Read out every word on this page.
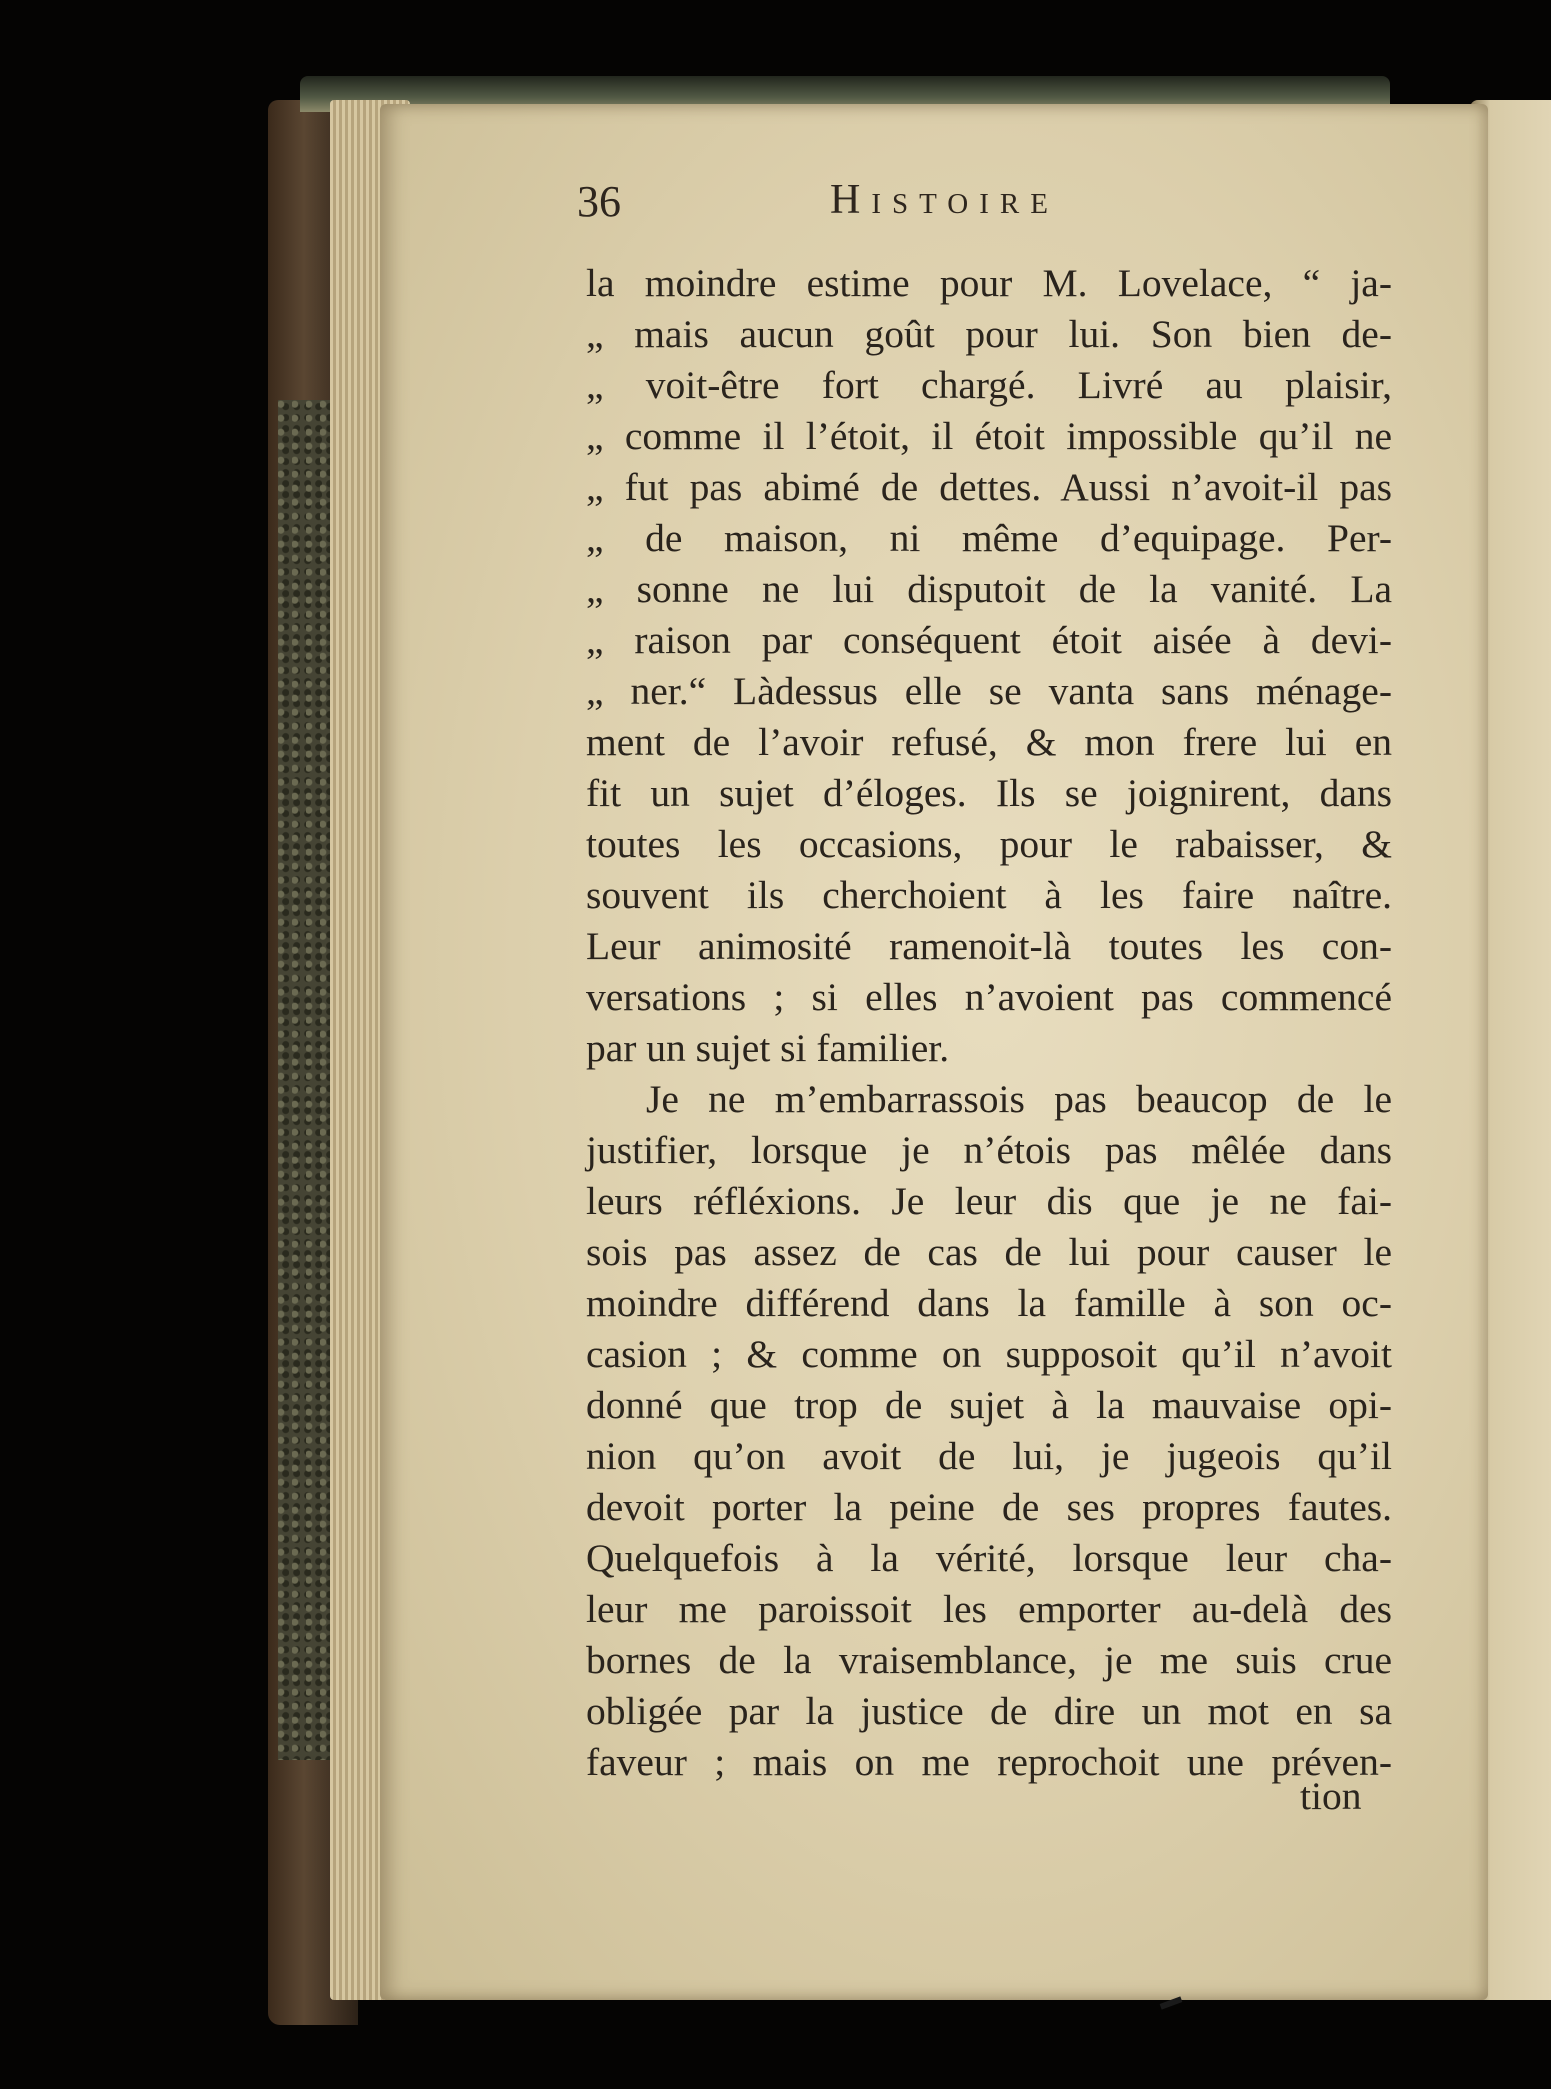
36	Histoire
la moindre estime pour M. Lovelace, “ ja-
„ mais aucun goût pour lui. Son bien de-
„ voit-être fort chargé. Livré au plaisir,
„ comme il l’étoit, il étoit impossible qu’il ne
„ fut pas abimé de dettes. Aussi n’avoit-il pas
„ de maison, ni même d’equipage. Per-
„ sonne ne lui disputoit de la vanité. La
„ raison par conséquent étoit aisée à devi-
„ ner.“ Làdessus elle se vanta sans ménage-
ment de l’avoir refusé, & mon frere lui en
fit un sujet d’éloges. Ils se joignirent, dans
toutes les occasions, pour le rabaisser, &
souvent ils cherchoient à les faire naître.
Leur animosité ramenoit-là toutes les con-
versations ; si elles n’avoient pas commencé
par un sujet si familier.
Je ne m’embarrassois pas beaucop de le
justifier, lorsque je n’étois pas mêlée dans
leurs réfléxions. Je leur dis que je ne fai-
sois pas assez de cas de lui pour causer le
moindre différend dans la famille à son oc-
casion ; & comme on supposoit qu’il n’avoit
donné que trop de sujet à la mauvaise opi-
nion qu’on avoit de lui, je jugeois qu’il
devoit porter la peine de ses propres fautes.
Quelquefois à la vérité, lorsque leur cha-
leur me paroissoit les emporter au-delà des
bornes de la vraisemblance, je me suis crue
obligée par la justice de dire un mot en sa
faveur ; mais on me reprochoit une préven-
tion
